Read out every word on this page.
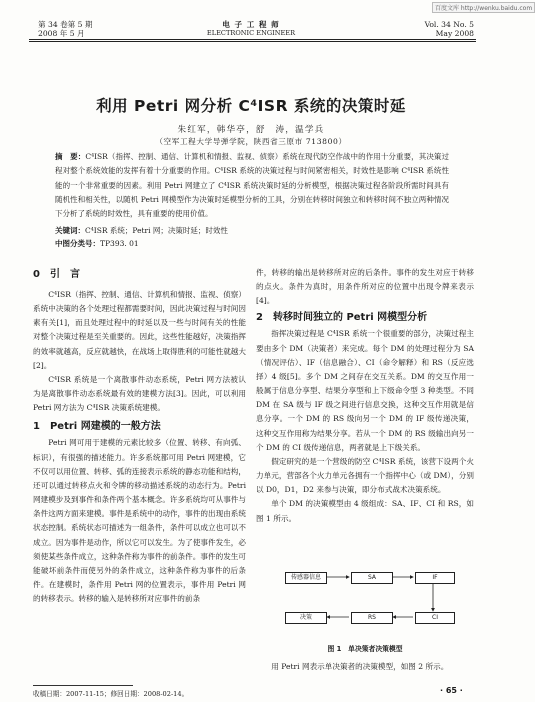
百度文库 http://wenku.baidu.com
第 34 卷第 5 期
2008 年 5 月
电 子 工 程 师
ELECTRONIC ENGINEER
Vol. 34 No. 5
May 2008
利用 Petri 网分析 C⁴ISR 系统的决策时延
朱红军，韩华亭，舒　涛，温学兵
（空军工程大学导弹学院，陕西省三原市 713800）
摘　要：C⁴ISR（指挥、控制、通信、计算机和情报、监视、侦察）系统在现代防空作战中的作用十分重要，其决策过程对整个系统效能的发挥有着十分重要的作用。C⁴ISR 系统的决策过程与时间紧密相关，时效性是影响 C⁴ISR 系统性能的一个非常重要的因素。利用 Petri 网建立了 C⁴ISR 系统决策时延的分析模型，根据决策过程各阶段所需时间具有随机性和相关性，以随机 Petri 网模型作为决策时延模型分析的工具，分别在转移时间独立和转移时间不独立两种情况下分析了系统的时效性，具有重要的使用价值。
关键词：C⁴ISR 系统；Petri 网；决策时延；时效性
中图分类号：TP393. 01
0　引　言

C⁴ISR（指挥、控制、通信、计算机和情报、监视、侦察）系统中决策的各个处理过程都需要时间，因此决策过程与时间因素有关[1]，而且处理过程中的时延以及一些与时间有关的性能对整个决策过程是至关重要的。因此，这些性能越好，决策指挥的效率就越高，反应就越快，在战场上取得胜利的可能性就越大[2]。

C⁴ISR 系统是一个离散事件动态系统，Petri 网方法被认为是离散事件动态系统最有效的建模方法[3]。因此，可以利用 Petri 网方法为 C⁴ISR 决策系统建模。

1　Petri 网建模的一般方法

Petri 网可用于建模的元素比较多（位置、转移、有向弧、标识），有很强的描述能力。许多系统都可用 Petri 网建模，它不仅可以用位置、转移、弧的连接表示系统的静态功能和结构，还可以通过转移点火和令牌的移动描述系统的动态行为。Petri 网建模步及到事件和条件两个基本概念。许多系统均可从事件与条件这两方面来建模。事件是系统中的动作，事件的出现由系统状态控制。系统状态可描述为一组条件，条件可以成立也可以不成立。因为事件是动作，所以它可以发生。为了使事件发生，必须使某些条件成立，这种条件称为事件的前条件。事件的发生可能破坏前条件而使另外的条件成立，这种条件称为事件的后条件。在建模时，条件用 Petri 网的位置表示，事件用 Petri 网的转移表示。转移的输入是转移所对应事件的前条

件，转移的输出是转移所对应的后条件。事件的发生对应于转移的点火。条件为真时，用条件所对应的位置中出现令牌来表示[4]。

2　转移时间独立的 Petri 网模型分析

指挥决策过程是 C⁴ISR 系统一个很重要的部分，决策过程主要由多个 DM（决策者）来完成。每个 DM 的处理过程分为 SA（情况评估）、IF（信息融合）、CI（命令解释）和 RS（反应选择）4 级[5]。多个 DM 之间存在交互关系。DM 的交互作用一般属于信息分享型、结果分享型和上下级命令型 3 种类型。不同 DM 在 SA 级与 IF 级之间进行信息交换，这种交互作用就是信息分享。一个 DM 的 RS 级向另一个 DM 的 IF 级传递决策，这种交互作用称为结果分享。若从一个 DM 的 RS 级输出向另一个 DM 的 CI 级传递信息，两者就是上下级关系。

假定研究的是一个营级的防空 C⁴ISR 系统，该营下设两个火力单元，营部各个火力单元各拥有一个指挥中心（或 DM），分别以 D0，D1，D2 来参与决策，即分布式战术决策系统。

单个 DM 的决策模型由 4 级组成：SA、IF、CI 和 RS，如图 1 所示。

传感器信息	SA	IF
决策	RS	CI
图 1　单决策者决策模型

用 Petri 网表示单决策者的决策模型，如图 2 所示。

收稿日期：2007-11-15；修回日期：2008-02-14。	· 65 ·
